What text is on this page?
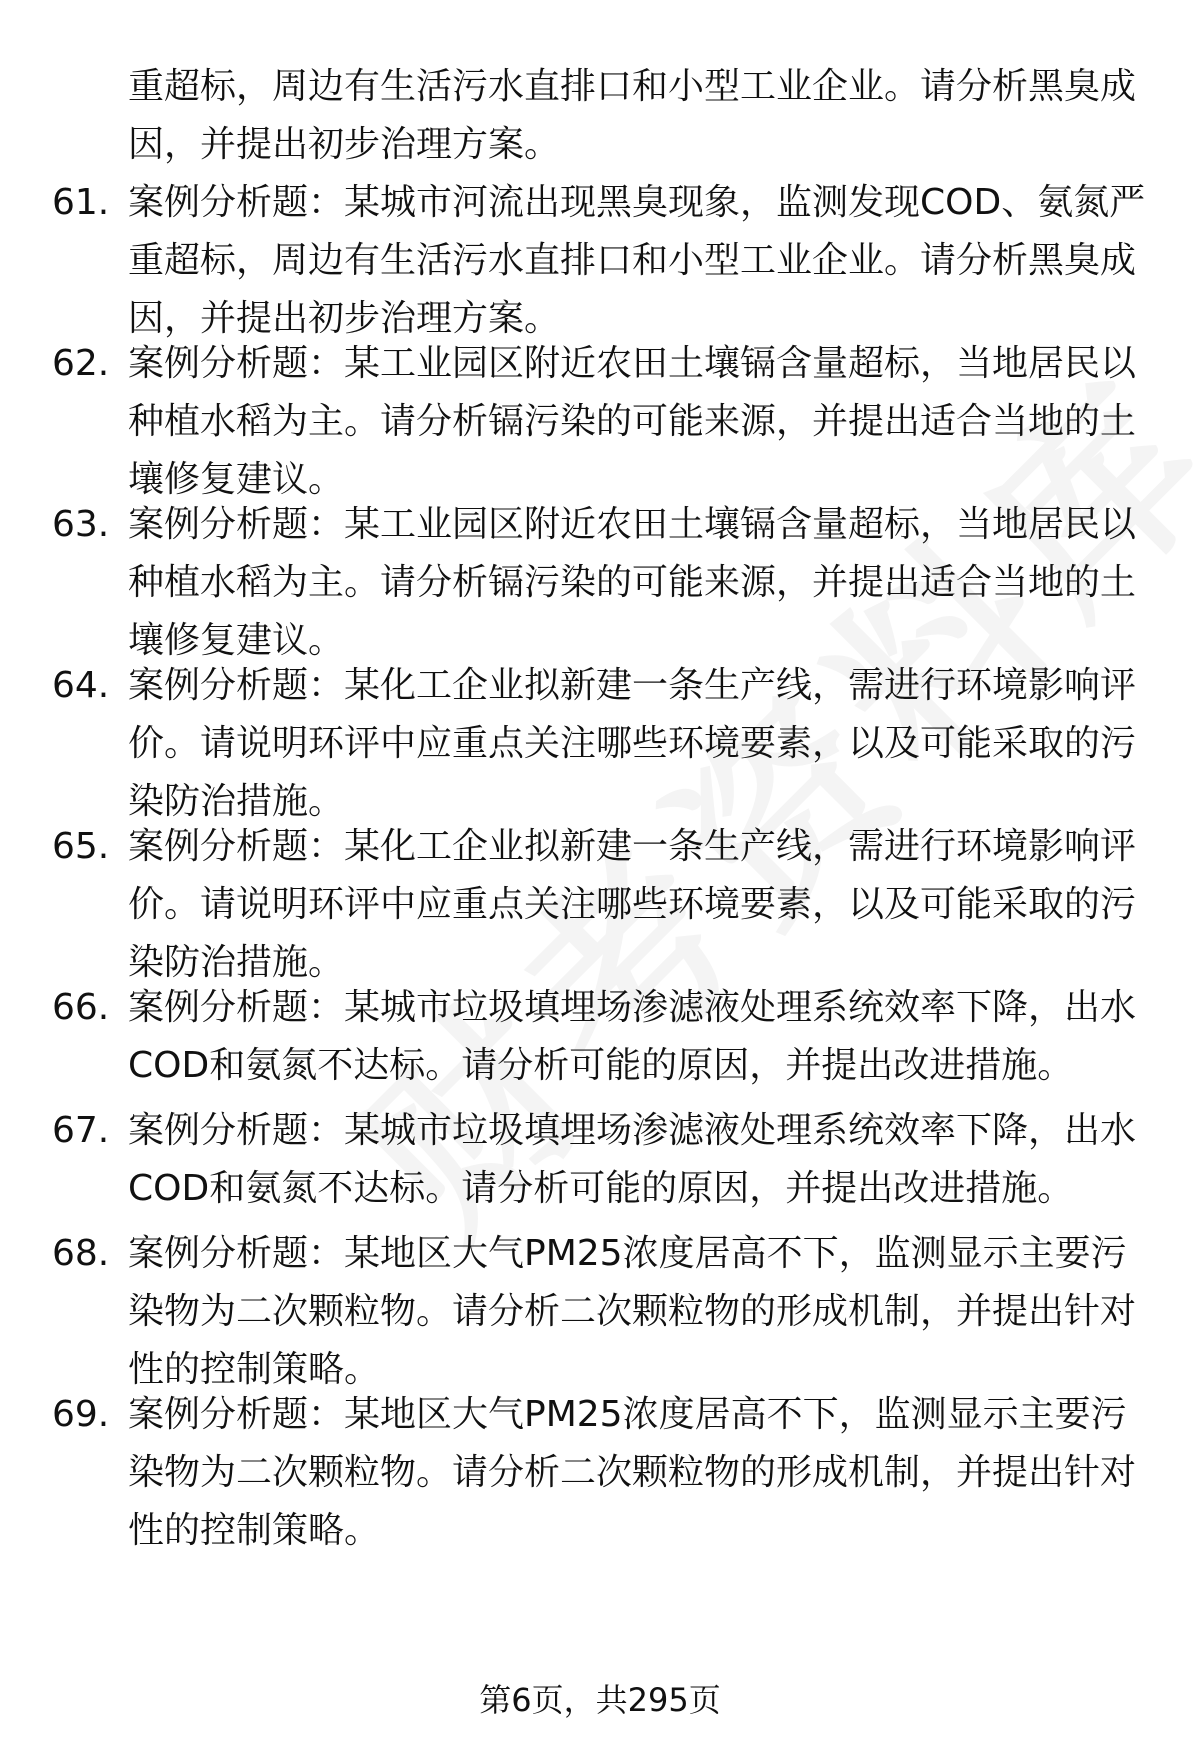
重超标，周边有生活污水直排口和小型工业企业。请分析黑臭成因，并提出初步治理方案。
61. 案例分析题：某城市河流出现黑臭现象，监测发现COD、氨氮严重超标，周边有生活污水直排口和小型工业企业。请分析黑臭成因，并提出初步治理方案。
62. 案例分析题：某工业园区附近农田土壤镉含量超标，当地居民以种植水稻为主。请分析镉污染的可能来源，并提出适合当地的土壤修复建议。
63. 案例分析题：某工业园区附近农田土壤镉含量超标，当地居民以种植水稻为主。请分析镉污染的可能来源，并提出适合当地的土壤修复建议。
64. 案例分析题：某化工企业拟新建一条生产线，需进行环境影响评价。请说明环评中应重点关注哪些环境要素，以及可能采取的污染防治措施。
65. 案例分析题：某化工企业拟新建一条生产线，需进行环境影响评价。请说明环评中应重点关注哪些环境要素，以及可能采取的污染防治措施。
66. 案例分析题：某城市垃圾填埋场渗滤液处理系统效率下降，出水COD和氨氮不达标。请分析可能的原因，并提出改进措施。
67. 案例分析题：某城市垃圾填埋场渗滤液处理系统效率下降，出水COD和氨氮不达标。请分析可能的原因，并提出改进措施。
68. 案例分析题：某地区大气PM25浓度居高不下，监测显示主要污染物为二次颗粒物。请分析二次颗粒物的形成机制，并提出针对性的控制策略。
69. 案例分析题：某地区大气PM25浓度居高不下，监测显示主要污染物为二次颗粒物。请分析二次颗粒物的形成机制，并提出针对性的控制策略。
第6页，共295页
